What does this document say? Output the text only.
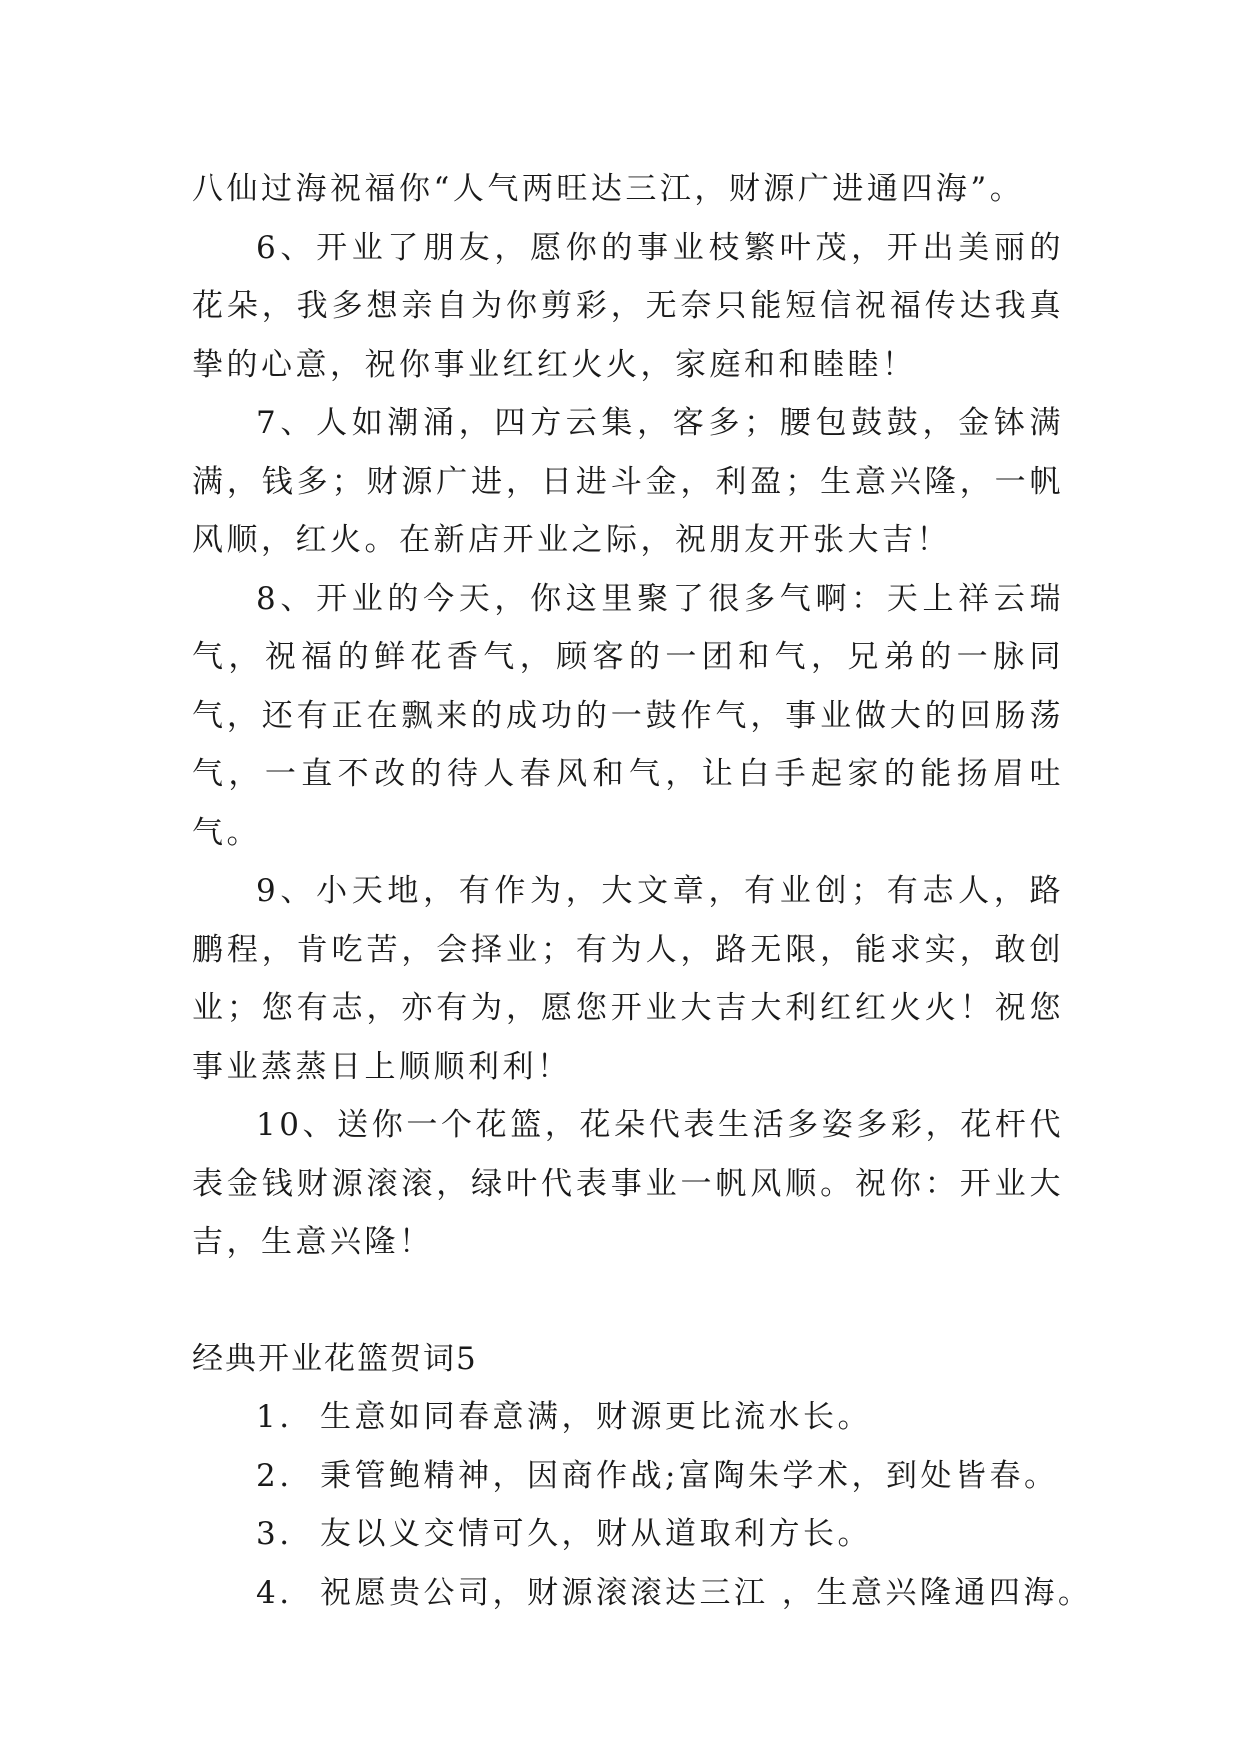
八仙过海祝福你“人气两旺达三江，财源广进通四海”。

6、开业了朋友，愿你的事业枝繁叶茂，开出美丽的花朵，我多想亲自为你剪彩，无奈只能短信祝福传达我真挚的心意，祝你事业红红火火，家庭和和睦睦！

7、人如潮涌，四方云集，客多；腰包鼓鼓，金钵满满，钱多；财源广进，日进斗金，利盈；生意兴隆，一帆风顺，红火。在新店开业之际，祝朋友开张大吉！

8、开业的今天，你这里聚了很多气啊：天上祥云瑞气，祝福的鲜花香气，顾客的一团和气，兄弟的一脉同气，还有正在飘来的成功的一鼓作气，事业做大的回肠荡气，一直不改的待人春风和气，让白手起家的能扬眉吐气。

9、小天地，有作为，大文章，有业创；有志人，路鹏程，肯吃苦，会择业；有为人，路无限，能求实，敢创业；您有志，亦有为，愿您开业大吉大利红红火火！祝您事业蒸蒸日上顺顺利利！

10、送你一个花篮，花朵代表生活多姿多彩，花杆代表金钱财源滚滚，绿叶代表事业一帆风顺。祝你：开业大吉，生意兴隆！

经典开业花篮贺词5
1. 生意如同春意满，财源更比流水长。
2. 秉管鲍精神，因商作战;富陶朱学术，到处皆春。
3. 友以义交情可久，财从道取利方长。
4. 祝愿贵公司，财源滚滚达三江 ，生意兴隆通四海。
